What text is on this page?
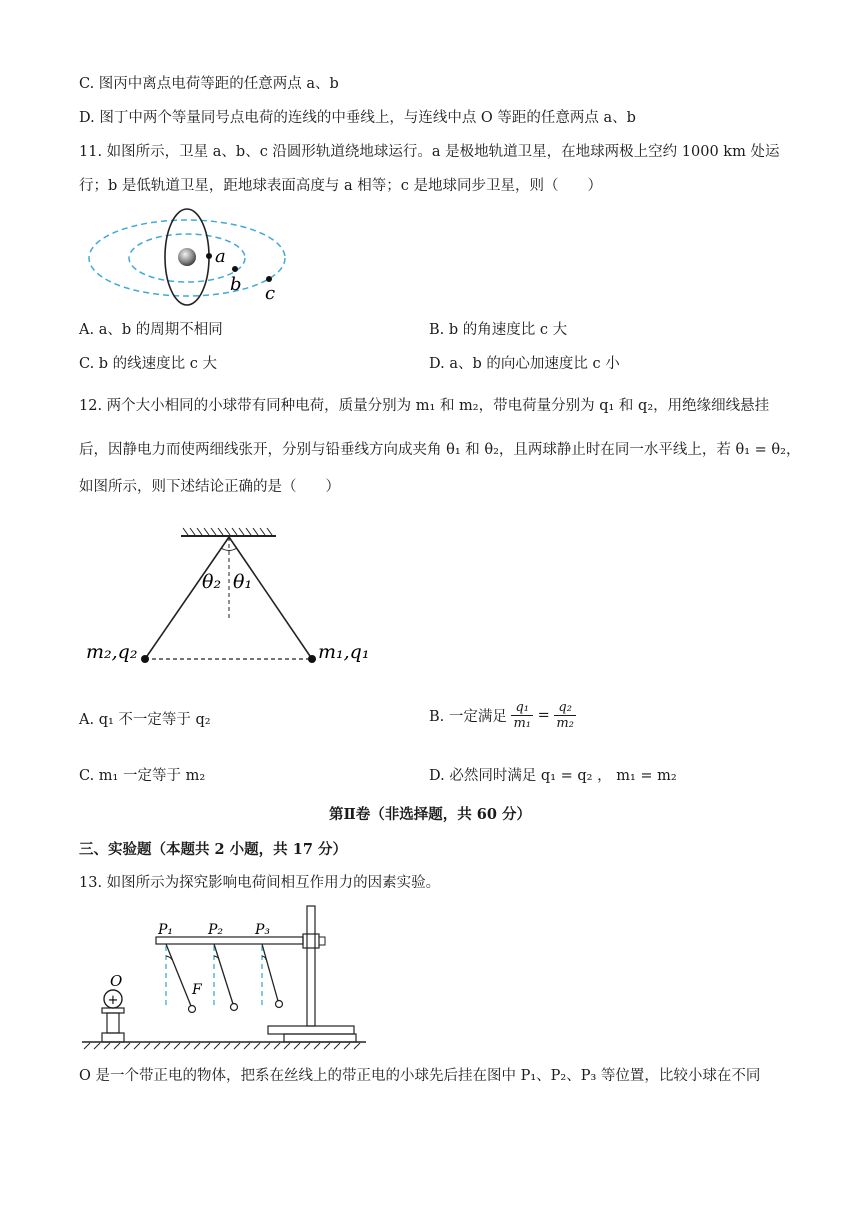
C. 图丙中离点电荷等距的任意两点 a、b
D. 图丁中两个等量同号点电荷的连线的中垂线上，与连线中点 O 等距的任意两点 a、b
11. 如图所示，卫星 a、b、c 沿圆形轨道绕地球运行。a 是极地轨道卫星，在地球两极上空约 1000 km 处运
行；b 是低轨道卫星，距地球表面高度与 a 相等；c 是地球同步卫星，则（　　）
a
b c
A. a、b 的周期不相同	B. b 的角速度比 c 大
C. b 的线速度比 c 大	D. a、b 的向心加速度比 c 小
12. 两个大小相同的小球带有同种电荷，质量分别为 m₁ 和 m₂，带电荷量分别为 q₁ 和 q₂，用绝缘细线悬挂
后，因静电力而使两细线张开，分别与铅垂线方向成夹角 θ₁ 和 θ₂，且两球静止时在同一水平线上，若 θ₁ = θ₂，
如图所示，则下述结论正确的是（　　）
θ₂ θ₁
m₂,q₂	m₁,q₁
A. q₁ 不一定等于 q₂	B. 一定满足 $\frac{\text{q₁}}{\text{m₁}} = \frac{\text{q₂}}{\text{m₂}}$
C. m₁ 一定等于 m₂	D. 必然同时满足 q₁ = q₂ ， m₁ = m₂
第Ⅱ卷（非选择题，共 60 分）
三、实验题（本题共 2 小题，共 17 分）
13. 如图所示为探究影响电荷间相互作用力的因素实验。
+
O
P₁ P₂ P₃
F
O 是一个带正电的物体，把系在丝线上的带正电的小球先后挂在图中 P₁、P₂、P₃ 等位置，比较小球在不同
